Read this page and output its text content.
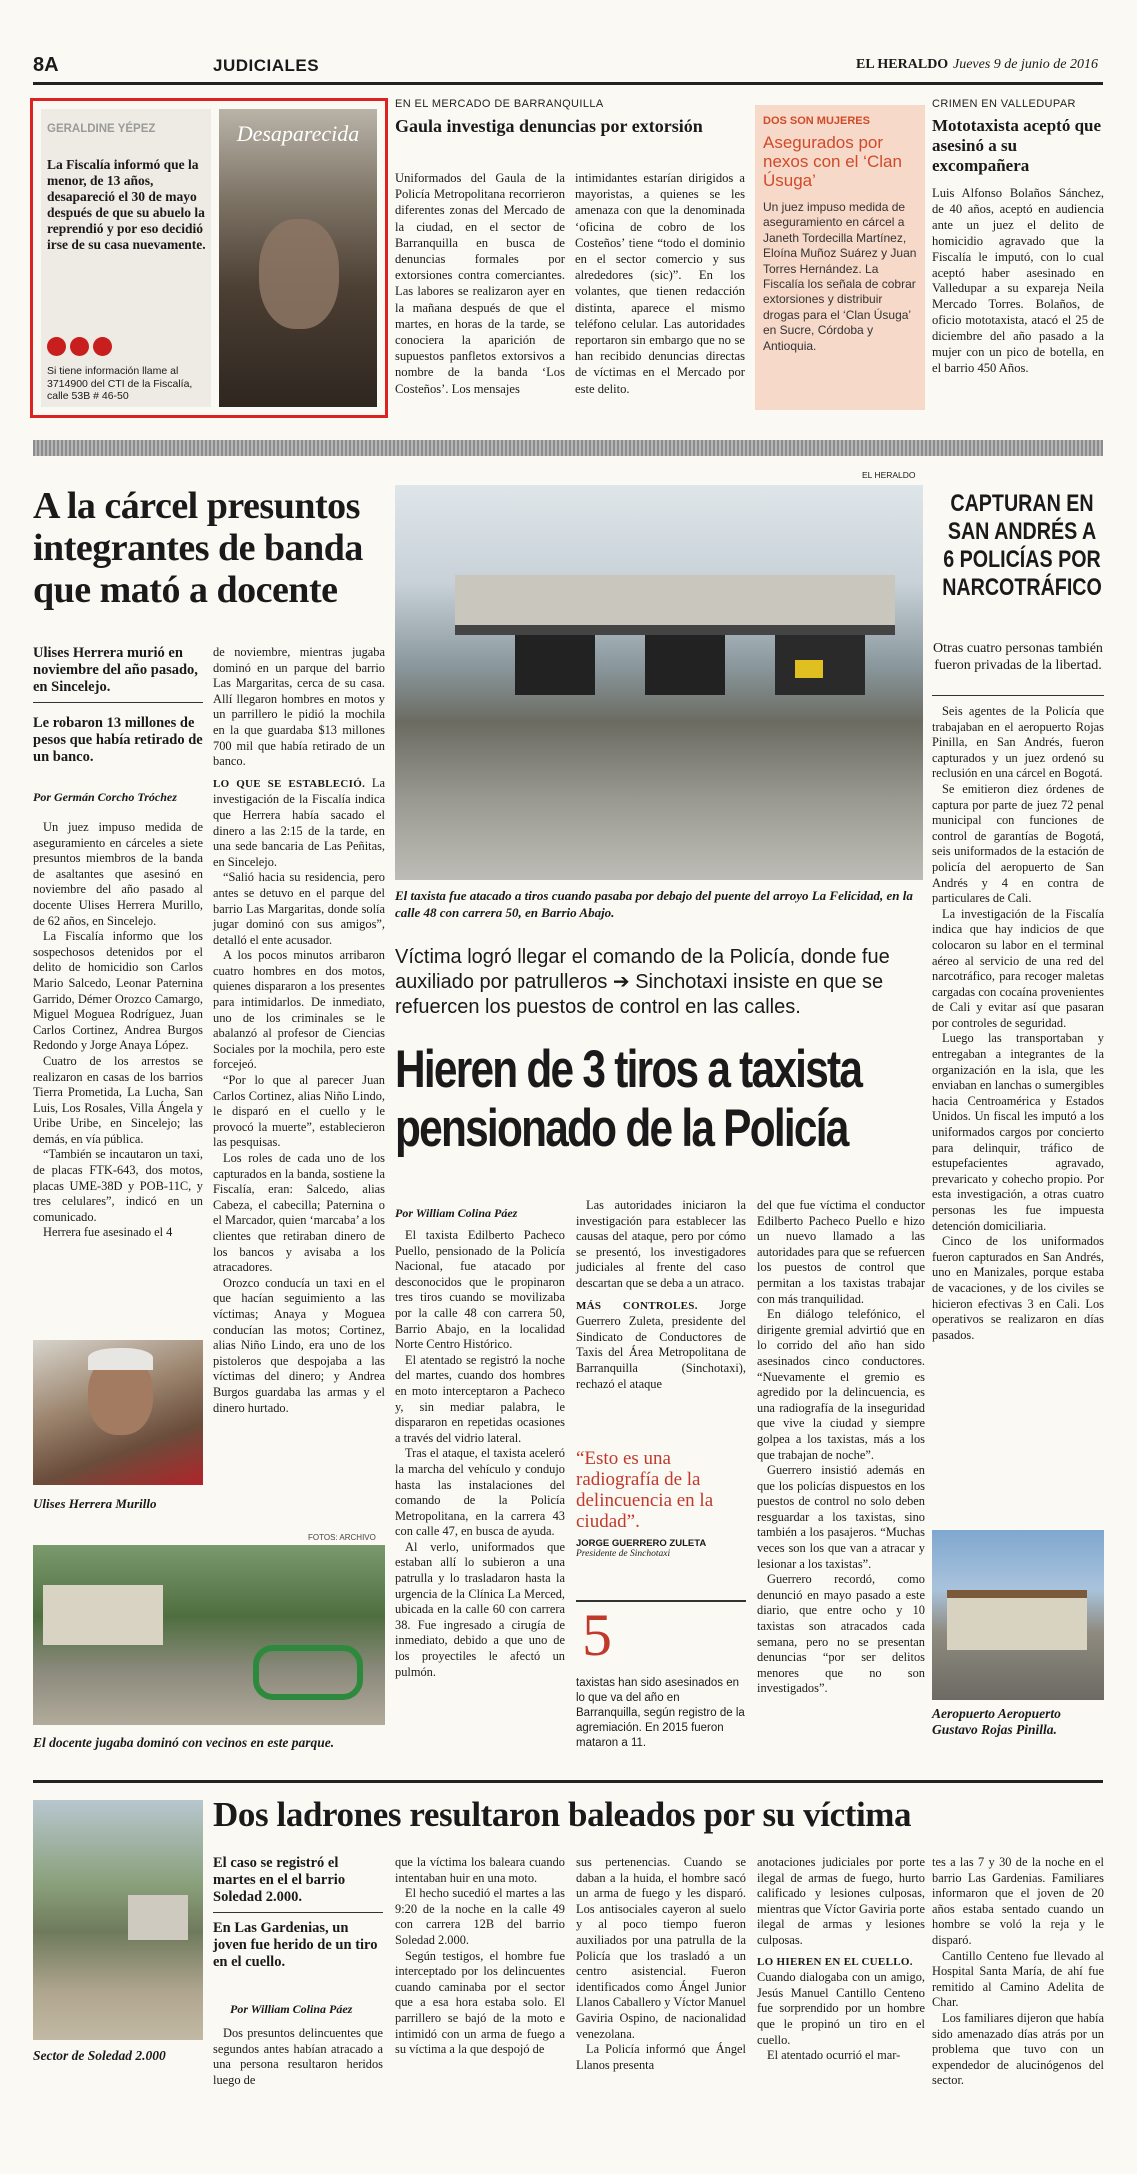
8A	JUDICIALES	EL HERALDO Jueves 9 de junio de 2016
GERALDINE YÉPEZ
La Fiscalía informó que la menor, de 13 años, desapareció el 30 de mayo después de que su abuelo la reprendió y por eso decidió irse de su casa nuevamente.
Si tiene información llame al 3714900 del CTI de la Fiscalía, calle 53B # 46-50
Desaparecida
EN EL MERCADO DE BARRANQUILLA
Gaula investiga denuncias por extorsión

Uniformados del Gaula de la Policía Metropolitana recorrieron diferentes zonas del Mercado de la ciudad, en el sector de Barranquilla en busca de denuncias formales por extorsiones contra comerciantes. Las labores se realizaron ayer en la mañana después de que el martes, en horas de la tarde, se conociera la aparición de supuestos panfletos extorsivos a nombre de la banda ‘Los Costeños’. Los mensajes

intimidantes estarían dirigidos a mayoristas, a quienes se les amenaza con que la denominada ‘oficina de cobro de los Costeños’ tiene “todo el dominio en el sector comercio y sus alrededores (sic)”. En los volantes, que tienen redacción distinta, aparece el mismo teléfono celular. Las autoridades reportaron sin embargo que no se han recibido denuncias directas de víctimas en el Mercado por este delito.

DOS SON MUJERES
Asegurados por nexos con el ‘Clan Úsuga’
Un juez impuso medida de aseguramiento en cárcel a Janeth Tordecilla Martínez, Eloína Muñoz Suárez y Juan Torres Hernández. La Fiscalía los señala de cobrar extorsiones y distribuir drogas para el ‘Clan Úsuga’ en Sucre, Córdoba y Antioquia.
CRIMEN EN VALLEDUPAR
Mototaxista aceptó que asesinó a su excompañera

Luis Alfonso Bolaños Sánchez, de 40 años, aceptó en audiencia ante un juez el delito de homicidio agravado que la Fiscalía le imputó, con lo cual aceptó haber asesinado en Valledupar a su expareja Neila Mercado Torres. Bolaños, de oficio mototaxista, atacó el 25 de diciembre del año pasado a la mujer con un pico de botella, en el barrio 450 Años.

A la cárcel presuntos integrantes de banda que mató a docente
Ulises Herrera murió en noviembre del año pasado, en Sincelejo.
Le robaron 13 millones de pesos que había retirado de un banco.
Por Germán Corcho Tróchez

Un juez impuso medida de aseguramiento en cárceles a siete presuntos miembros de la banda de asaltantes que asesinó en noviembre del año pasado al docente Ulises Herrera Murillo, de 62 años, en Sincelejo.

La Fiscalía informo que los sospechosos detenidos por el delito de homicidio son Carlos Mario Salcedo, Leonar Paternina Garrido, Démer Orozco Camargo, Miguel Moguea Rodríguez, Juan Carlos Cortinez, Andrea Burgos Redondo y Jorge Anaya López.

Cuatro de los arrestos se realizaron en casas de los barrios Tierra Prometida, La Lucha, San Luis, Los Rosales, Villa Ángela y Uribe Uribe, en Sincelejo; las demás, en vía pública.

“También se incautaron un taxi, de placas FTK-643, dos motos, placas UME-38D y POB-11C, y tres celulares”, indicó en un comunicado.

Herrera fue asesinado el 4

de noviembre, mientras jugaba dominó en un parque del barrio Las Margaritas, cerca de su casa. Allí llegaron hombres en motos y un parrillero le pidió la mochila en la que guardaba $13 millones 700 mil que había retirado de un banco.

LO QUE SE ESTABLECIÓ. La investigación de la Fiscalía indica que Herrera había sacado el dinero a las 2:15 de la tarde, en una sede bancaria de Las Peñitas, en Sincelejo.

“Salió hacia su residencia, pero antes se detuvo en el parque del barrio Las Margaritas, donde solía jugar dominó con sus amigos”, detalló el ente acusador.

A los pocos minutos arribaron cuatro hombres en dos motos, quienes dispararon a los presentes para intimidarlos. De inmediato, uno de los criminales se le abalanzó al profesor de Ciencias Sociales por la mochila, pero este forcejeó.

“Por lo que al parecer Juan Carlos Cortinez, alias Niño Lindo, le disparó en el cuello y le provocó la muerte”, establecieron las pesquisas.

Los roles de cada uno de los capturados en la banda, sostiene la Fiscalía, eran: Salcedo, alias Cabeza, el cabecilla; Paternina o el Marcador, quien ‘marcaba’ a los clientes que retiraban dinero de los bancos y avisaba a los atracadores.

Orozco conducía un taxi en el que hacían seguimiento a las víctimas; Anaya y Moguea conducían las motos; Cortinez, alias Niño Lindo, era uno de los pistoleros que despojaba a las víctimas del dinero; y Andrea Burgos guardaba las armas y el dinero hurtado.

Ulises Herrera Murillo
FOTOS: ARCHIVO
El docente jugaba dominó con vecinos en este parque.
EL HERALDO
El taxista fue atacado a tiros cuando pasaba por debajo del puente del arroyo La Felicidad, en la calle 48 con carrera 50, en Barrio Abajo.
Víctima logró llegar el comando de la Policía, donde fue auxiliado por patrulleros ➔ Sinchotaxi insiste en que se refuercen los puestos de control en las calles.
Hieren de 3 tiros a taxista pensionado de la Policía
Por William Colina Páez

El taxista Edilberto Pacheco Puello, pensionado de la Policía Nacional, fue atacado por desconocidos que le propinaron tres tiros cuando se movilizaba por la calle 48 con carrera 50, Barrio Abajo, en la localidad Norte Centro Histórico.

El atentado se registró la noche del martes, cuando dos hombres en moto interceptaron a Pacheco y, sin mediar palabra, le dispararon en repetidas ocasiones a través del vidrio lateral.

Tras el ataque, el taxista aceleró la marcha del vehículo y condujo hasta las instalaciones del comando de la Policía Metropolitana, en la carrera 43 con calle 47, en busca de ayuda.

Al verlo, uniformados que estaban allí lo subieron a una patrulla y lo trasladaron hasta la urgencia de la Clínica La Merced, ubicada en la calle 60 con carrera 38. Fue ingresado a cirugía de inmediato, debido a que uno de los proyectiles le afectó un pulmón.

Las autoridades iniciaron la investigación para establecer las causas del ataque, pero por cómo se presentó, los investigadores judiciales al frente del caso descartan que se deba a un atraco.

MÁS CONTROLES. Jorge Guerrero Zuleta, presidente del Sindicato de Conductores de Taxis del Área Metropolitana de Barranquilla (Sinchotaxi), rechazó el ataque

“Esto es una radiografía de la delincuencia en la ciudad”.
JORGE GUERRERO ZULETA
Presidente de Sinchotaxi
5
taxistas han sido asesinados en lo que va del año en Barranquilla, según registro de la agremiación. En 2015 fueron mataron a 11.

del que fue víctima el conductor Edilberto Pacheco Puello e hizo un nuevo llamado a las autoridades para que se refuercen los puestos de control que permitan a los taxistas trabajar con más tranquilidad.

En diálogo telefónico, el dirigente gremial advirtió que en lo corrido del año han sido asesinados cinco conductores. “Nuevamente el gremio es agredido por la delincuencia, es una radiografía de la inseguridad que vive la ciudad y siempre golpea a los taxistas, más a los que trabajan de noche”.

Guerrero insistió además en que los policías dispuestos en los puestos de control no solo deben resguardar a los taxistas, sino también a los pasajeros. “Muchas veces son los que van a atracar y lesionar a los taxistas”.

Guerrero recordó, como denunció en mayo pasado a este diario, que entre ocho y 10 taxistas son atracados cada semana, pero no se presentan denuncias “por ser delitos menores que no son investigados”.

CAPTURAN EN SAN ANDRÉS A 6 POLICÍAS POR NARCOTRÁFICO
Otras cuatro personas también fueron privadas de la libertad.

Seis agentes de la Policía que trabajaban en el aeropuerto Rojas Pinilla, en San Andrés, fueron capturados y un juez ordenó su reclusión en una cárcel en Bogotá.

Se emitieron diez órdenes de captura por parte de juez 72 penal municipal con funciones de control de garantías de Bogotá, seis uniformados de la estación de policía del aeropuerto de San Andrés y 4 en contra de particulares de Cali.

La investigación de la Fiscalía indica que hay indicios de que colocaron su labor en el terminal aéreo al servicio de una red del narcotráfico, para recoger maletas cargadas con cocaína provenientes de Cali y evitar así que pasaran por controles de seguridad.

Luego las transportaban y entregaban a integrantes de la organización en la isla, que les enviaban en lanchas o sumergibles hacia Centroamérica y Estados Unidos. Un fiscal les imputó a los uniformados cargos por concierto para delinquir, tráfico de estupefacientes agravado, prevaricato y cohecho propio. Por esta investigación, a otras cuatro personas les fue impuesta detención domiciliaria.

Cinco de los uniformados fueron capturados en San Andrés, uno en Manizales, porque estaba de vacaciones, y de los civiles se hicieron efectivas 3 en Cali. Los operativos se realizaron en días pasados.

Aeropuerto Aeropuerto Gustavo Rojas Pinilla.
Sector de Soledad 2.000
Dos ladrones resultaron baleados por su víctima
El caso se registró el martes en el el barrio Soledad 2.000.
En Las Gardenias, un joven fue herido de un tiro en el cuello.
Por William Colina Páez

Dos presuntos delincuentes que segundos antes habían atracado a una persona resultaron heridos luego de

que la víctima los baleara cuando intentaban huir en una moto.

El hecho sucedió el martes a las 9:20 de la noche en la calle 49 con carrera 12B del barrio Soledad 2.000.

Según testigos, el hombre fue interceptado por los delincuentes cuando caminaba por el sector que a esa hora estaba solo. El parrillero se bajó de la moto e intimidó con un arma de fuego a su víctima a la que despojó de

sus pertenencias. Cuando se daban a la huida, el hombre sacó un arma de fuego y les disparó. Los antisociales cayeron al suelo y al poco tiempo fueron auxiliados por una patrulla de la Policía que los trasladó a un centro asistencial. Fueron identificados como Ángel Junior Llanos Caballero y Víctor Manuel Gaviria Ospino, de nacionalidad venezolana.

La Policía informó que Ángel Llanos presenta

anotaciones judiciales por porte ilegal de armas de fuego, hurto calificado y lesiones culposas, mientras que Víctor Gaviria porte ilegal de armas y lesiones culposas.

LO HIEREN EN EL CUELLO.

Cuando dialogaba con un amigo, Jesús Manuel Cantillo Centeno fue sorprendido por un hombre que le propinó un tiro en el cuello.

El atentado ocurrió el mar-

tes a las 7 y 30 de la noche en el barrio Las Gardenias. Familiares informaron que el joven de 20 años estaba sentado cuando un hombre se voló la reja y le disparó.

Cantillo Centeno fue llevado al Hospital Santa María, de ahí fue remitido al Camino Adelita de Char.

Los familiares dijeron que había sido amenazado días atrás por un problema que tuvo con un expendedor de alucinógenos del sector.
